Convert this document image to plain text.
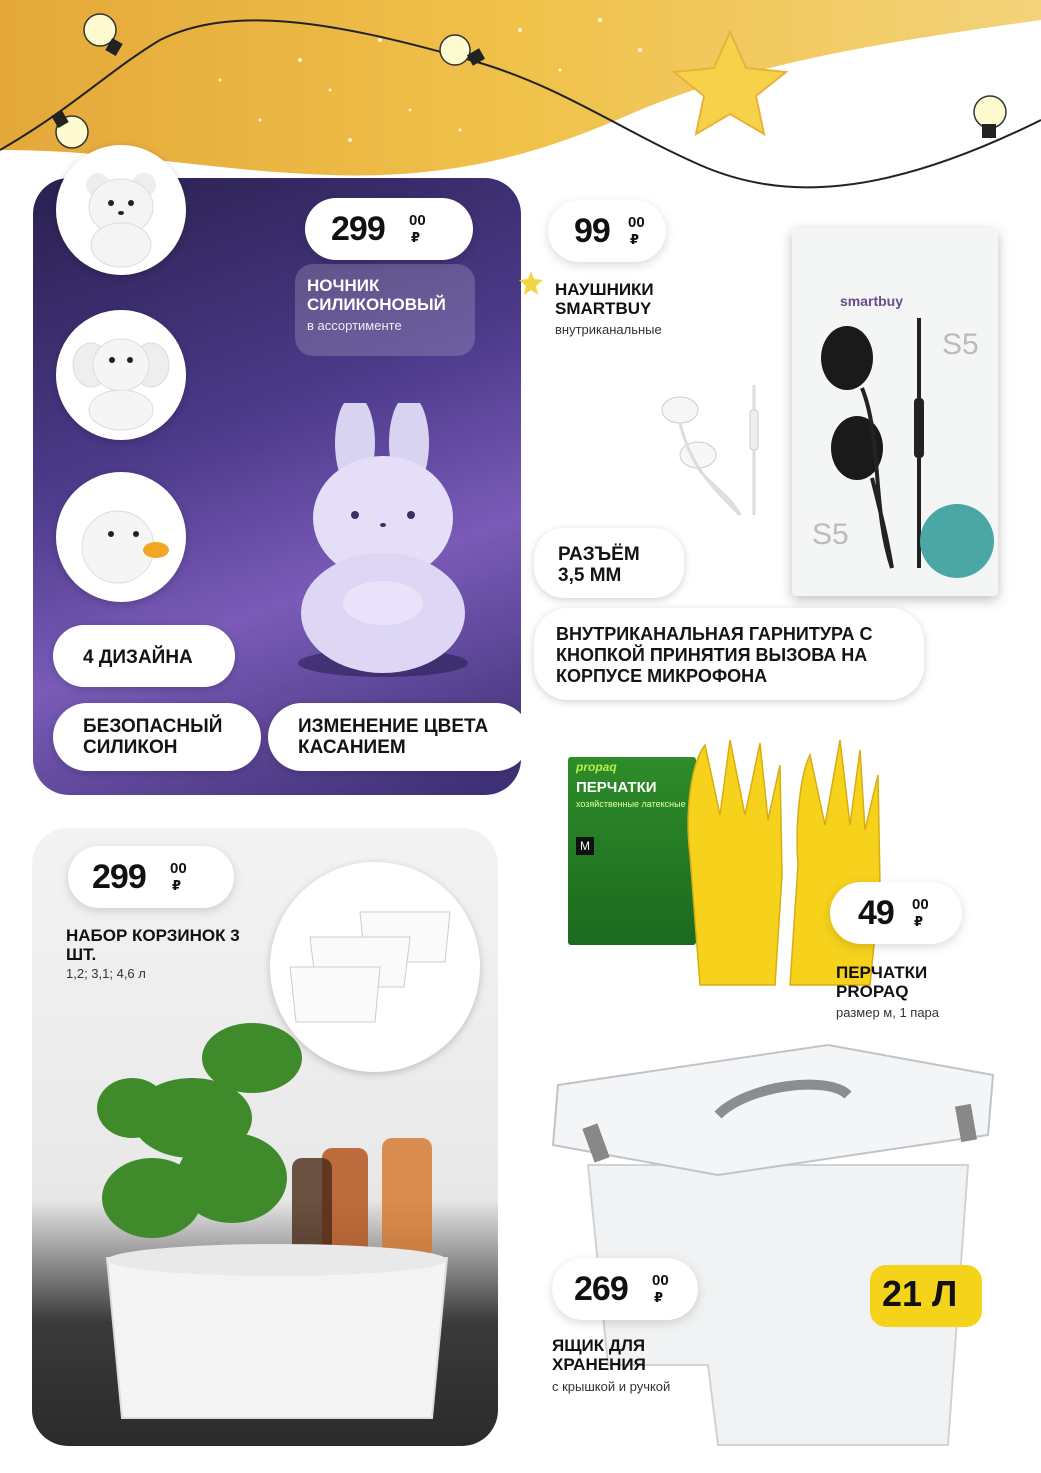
299 00
₽
НОЧНИК СИЛИКОНОВЫЙ
в ассортименте
4 ДИЗАЙНА
БЕЗОПАСНЫЙ СИЛИКОН
ИЗМЕНЕНИЕ ЦВЕТА КАСАНИЕМ
99 00
₽
НАУШНИКИ SMARTBUY
внутриканальные
smartbuy
S5
S5
РАЗЪЁМ 3,5 ММ
ВНУТРИКАНАЛЬНАЯ ГАРНИТУРА С КНОПКОЙ ПРИНЯТИЯ ВЫЗОВА НА КОРПУСЕ МИКРОФОНА
299 00
₽
НАБОР КОРЗИНОК 3 ШТ.
1,2; 3,1; 4,6 л
propaq
ПЕРЧАТКИ
хозяйственные латексные
M
49 00
₽
ПЕРЧАТКИ PROPAQ
размер м, 1 пара
21 Л
269 00
₽
ЯЩИК ДЛЯ ХРАНЕНИЯ
с крышкой и ручкой
